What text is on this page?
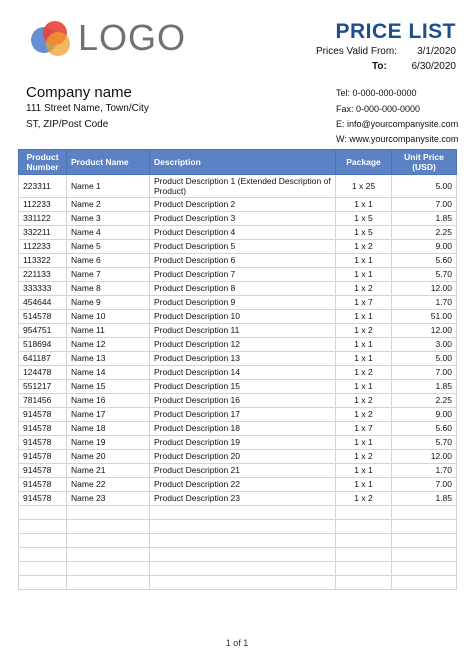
LOGO	PRICE LIST
Prices Valid From: 3/1/2020
To: 6/30/2020
Company name
111 Street Name, Town/City
ST, ZIP/Post Code
Tel: 0-000-000-0000
Fax: 0-000-000-0000
E: info@yourcompanysite.com
W: www.yourcompanysite.com
Product Number	Product Name	Description	Package	Unit Price (USD)
223311	Name 1	Product Description 1 (Extended Description of Product)	1 x 25	5.00
112233	Name 2	Product Description 2	1 x 1	7.00
331122	Name 3	Product Description 3	1 x 5	1.85
332211	Name 4	Product Description 4	1 x 5	2.25
112233	Name 5	Product Description 5	1 x 2	9.00
113322	Name 6	Product Description 6	1 x 1	5.60
221133	Name 7	Product Description 7	1 x 1	5.70
333333	Name 8	Product Description 8	1 x 2	12.00
454644	Name 9	Product Description 9	1 x 7	1.70
514578	Name 10	Product Description 10	1 x 1	51.00
954751	Name 11	Product Description 11	1 x 2	12.00
518694	Name 12	Product Description 12	1 x 1	3.00
641187	Name 13	Product Description 13	1 x 1	5.00
124478	Name 14	Product Description 14	1 x 2	7.00
551217	Name 15	Product Description 15	1 x 1	1.85
781456	Name 16	Product Description 16	1 x 2	2.25
914578	Name 17	Product Description 17	1 x 2	9.00
914578	Name 18	Product Description 18	1 x 7	5.60
914578	Name 19	Product Description 19	1 x 1	5.70
914578	Name 20	Product Description 20	1 x 2	12.00
914578	Name 21	Product Description 21	1 x 1	1.70
914578	Name 22	Product Description 22	1 x 1	7.00
914578	Name 23	Product Description 23	1 x 2	1.85

1 of 1
